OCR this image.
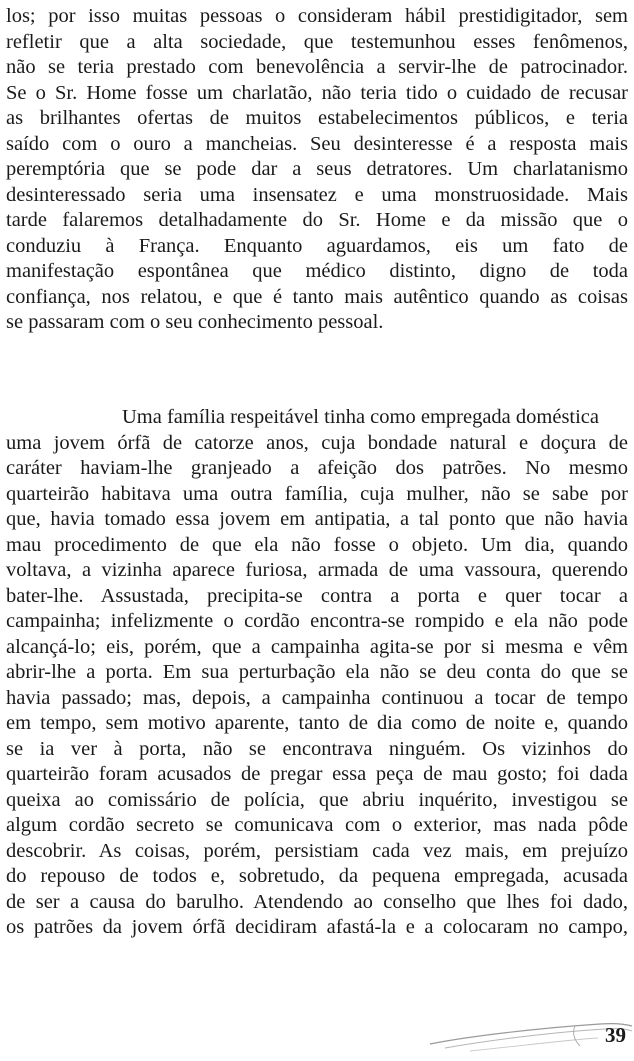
los; por isso muitas pessoas o consideram hábil prestidigitador, sem
refletir que a alta sociedade, que testemunhou esses fenômenos,
não se teria prestado com benevolência a servir-lhe de patrocinador.
Se o Sr. Home fosse um charlatão, não teria tido o cuidado de recusar
as brilhantes ofertas de muitos estabelecimentos públicos, e teria
saído com o ouro a mancheias. Seu desinteresse é a resposta mais
peremptória que se pode dar a seus detratores. Um charlatanismo
desinteressado seria uma insensatez e uma monstruosidade. Mais
tarde falaremos detalhadamente do Sr. Home e da missão que o
conduziu à França. Enquanto aguardamos, eis um fato de
manifestação espontânea que médico distinto, digno de toda
confiança, nos relatou, e que é tanto mais autêntico quando as coisas
se passaram com o seu conhecimento pessoal.
Uma família respeitável tinha como empregada doméstica
uma jovem órfã de catorze anos, cuja bondade natural e doçura de
caráter haviam-lhe granjeado a afeição dos patrões. No mesmo
quarteirão habitava uma outra família, cuja mulher, não se sabe por
que, havia tomado essa jovem em antipatia, a tal ponto que não havia
mau procedimento de que ela não fosse o objeto. Um dia, quando
voltava, a vizinha aparece furiosa, armada de uma vassoura, querendo
bater-lhe. Assustada, precipita-se contra a porta e quer tocar a
campainha; infelizmente o cordão encontra-se rompido e ela não pode
alcançá-lo; eis, porém, que a campainha agita-se por si mesma e vêm
abrir-lhe a porta. Em sua perturbação ela não se deu conta do que se
havia passado; mas, depois, a campainha continuou a tocar de tempo
em tempo, sem motivo aparente, tanto de dia como de noite e, quando
se ia ver à porta, não se encontrava ninguém. Os vizinhos do
quarteirão foram acusados de pregar essa peça de mau gosto; foi dada
queixa ao comissário de polícia, que abriu inquérito, investigou se
algum cordão secreto se comunicava com o exterior, mas nada pôde
descobrir. As coisas, porém, persistiam cada vez mais, em prejuízo
do repouso de todos e, sobretudo, da pequena empregada, acusada
de ser a causa do barulho. Atendendo ao conselho que lhes foi dado,
os patrões da jovem órfã decidiram afastá-la e a colocaram no campo,
39
